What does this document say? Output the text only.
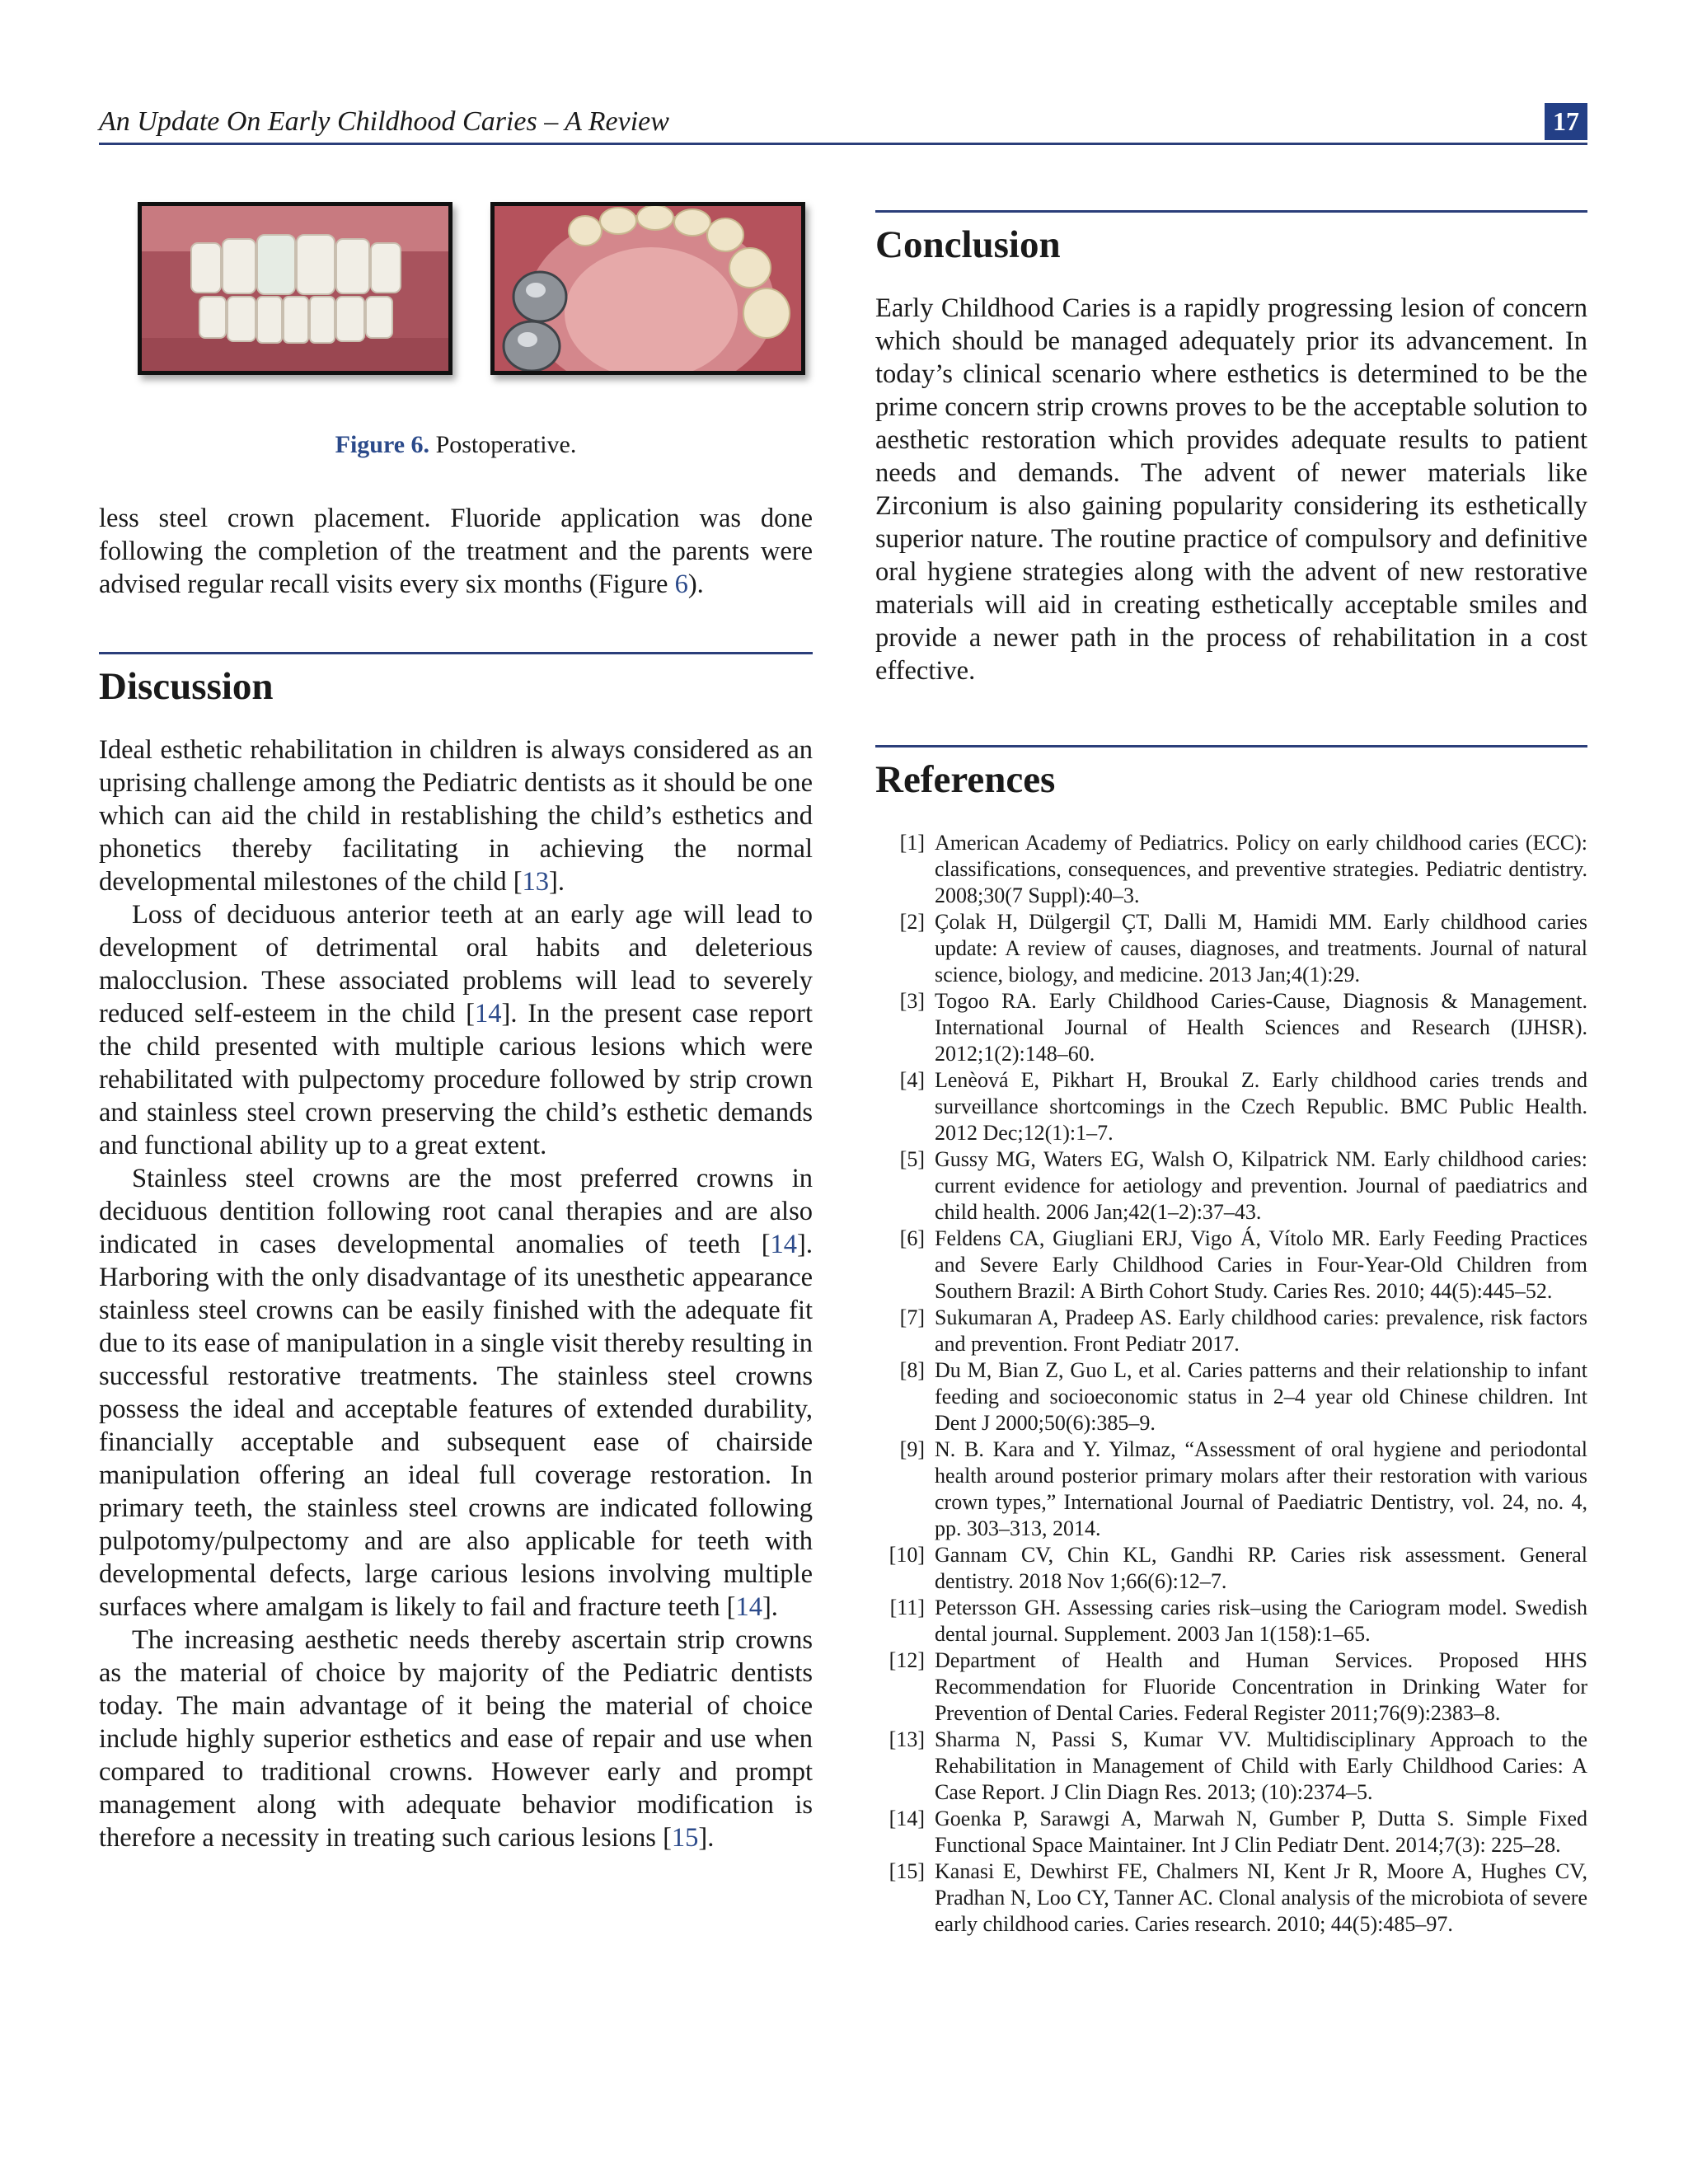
An Update On Early Childhood Caries – A Review	17
Figure 6. Postoperative.

less steel crown placement. Fluoride application was done following the completion of the treatment and the parents were advised regular recall visits every six months (Figure 6).

Discussion

Ideal esthetic rehabilitation in children is always considered as an uprising challenge among the Pediatric dentists as it should be one which can aid the child in restablishing the child’s esthetics and phonetics thereby facilitating in achieving the normal developmental milestones of the child [13].

Loss of deciduous anterior teeth at an early age will lead to development of detrimental oral habits and deleterious malocclusion. These associated problems will lead to severely reduced self-esteem in the child [14]. In the present case report the child presented with multiple carious lesions which were rehabilitated with pulpectomy procedure followed by strip crown and stainless steel crown preserving the child’s esthetic demands and functional ability up to a great extent.

Stainless steel crowns are the most preferred crowns in deciduous dentition following root canal therapies and are also indicated in cases developmental anomalies of teeth [14]. Harboring with the only disadvantage of its unesthetic appearance stainless steel crowns can be easily finished with the adequate fit due to its ease of manipulation in a single visit thereby resulting in successful restorative treatments. The stainless steel crowns possess the ideal and acceptable features of extended durability, financially acceptable and subsequent ease of chairside manipulation offering an ideal full coverage restoration. In primary teeth, the stainless steel crowns are indicated following pulpotomy/pulpectomy and are also applicable for teeth with developmental defects, large carious lesions involving multiple surfaces where amalgam is likely to fail and fracture teeth [14].

The increasing aesthetic needs thereby ascertain strip crowns as the material of choice by majority of the Pediatric dentists today. The main advantage of it being the material of choice include highly superior esthetics and ease of repair and use when compared to traditional crowns. However early and prompt management along with adequate behavior modification is therefore a necessity in treating such carious lesions [15].

Conclusion

Early Childhood Caries is a rapidly progressing lesion of concern which should be managed adequately prior its advancement. In today’s clinical scenario where esthetics is determined to be the prime concern strip crowns proves to be the acceptable solution to aesthetic restoration which provides adequate results to patient needs and demands. The advent of newer materials like Zirconium is also gaining popularity considering its esthetically superior nature. The routine practice of compulsory and definitive oral hygiene strategies along with the advent of new restorative materials will aid in creating esthetically acceptable smiles and provide a newer path in the process of rehabilitation in a cost effective.

References
[1] American Academy of Pediatrics. Policy on early childhood caries (ECC): classifications, consequences, and preventive strategies. Pediatric dentistry. 2008;30(7 Suppl):40–3.
[2] Çolak H, Dülgergil ÇT, Dalli M, Hamidi MM. Early childhood caries update: A review of causes, diagnoses, and treatments. Journal of natural science, biology, and medicine. 2013 Jan;4(1):29.
[3] Togoo RA. Early Childhood Caries-Cause, Diagnosis & Management. International Journal of Health Sciences and Research (IJHSR). 2012;1(2):148–60.
[4] Lenèová E, Pikhart H, Broukal Z. Early childhood caries trends and surveillance shortcomings in the Czech Republic. BMC Public Health. 2012 Dec;12(1):1–7.
[5] Gussy MG, Waters EG, Walsh O, Kilpatrick NM. Early childhood caries: current evidence for aetiology and prevention. Journal of paediatrics and child health. 2006 Jan;42(1–2):37–43.
[6] Feldens CA, Giugliani ERJ, Vigo Á, Vítolo MR. Early Feeding Practices and Severe Early Childhood Caries in Four-Year-Old Children from Southern Brazil: A Birth Cohort Study. Caries Res. 2010; 44(5):445–52.
[7] Sukumaran A, Pradeep AS. Early childhood caries: prevalence, risk factors and prevention. Front Pediatr 2017.
[8] Du M, Bian Z, Guo L, et al. Caries patterns and their relationship to infant feeding and socioeconomic status in 2–4 year old Chinese children. Int Dent J 2000;50(6):385–9.
[9] N. B. Kara and Y. Yilmaz, “Assessment of oral hygiene and periodontal health around posterior primary molars after their restoration with various crown types,” International Journal of Paediatric Dentistry, vol. 24, no. 4, pp. 303–313, 2014.
[10] Gannam CV, Chin KL, Gandhi RP. Caries risk assessment. General dentistry. 2018 Nov 1;66(6):12–7.
[11] Petersson GH. Assessing caries risk–using the Cariogram model. Swedish dental journal. Supplement. 2003 Jan 1(158):1–65.
[12] Department of Health and Human Services. Proposed HHS Recommendation for Fluoride Concentration in Drinking Water for Prevention of Dental Caries. Federal Register 2011;76(9):2383–8.
[13] Sharma N, Passi S, Kumar VV. Multidisciplinary Approach to the Rehabilitation in Management of Child with Early Childhood Caries: A Case Report. J Clin Diagn Res. 2013; (10):2374–5.
[14] Goenka P, Sarawgi A, Marwah N, Gumber P, Dutta S. Simple Fixed Functional Space Maintainer. Int J Clin Pediatr Dent. 2014;7(3): 225–28.
[15] Kanasi E, Dewhirst FE, Chalmers NI, Kent Jr R, Moore A, Hughes CV, Pradhan N, Loo CY, Tanner AC. Clonal analysis of the microbiota of severe early childhood caries. Caries research. 2010; 44(5):485–97.
